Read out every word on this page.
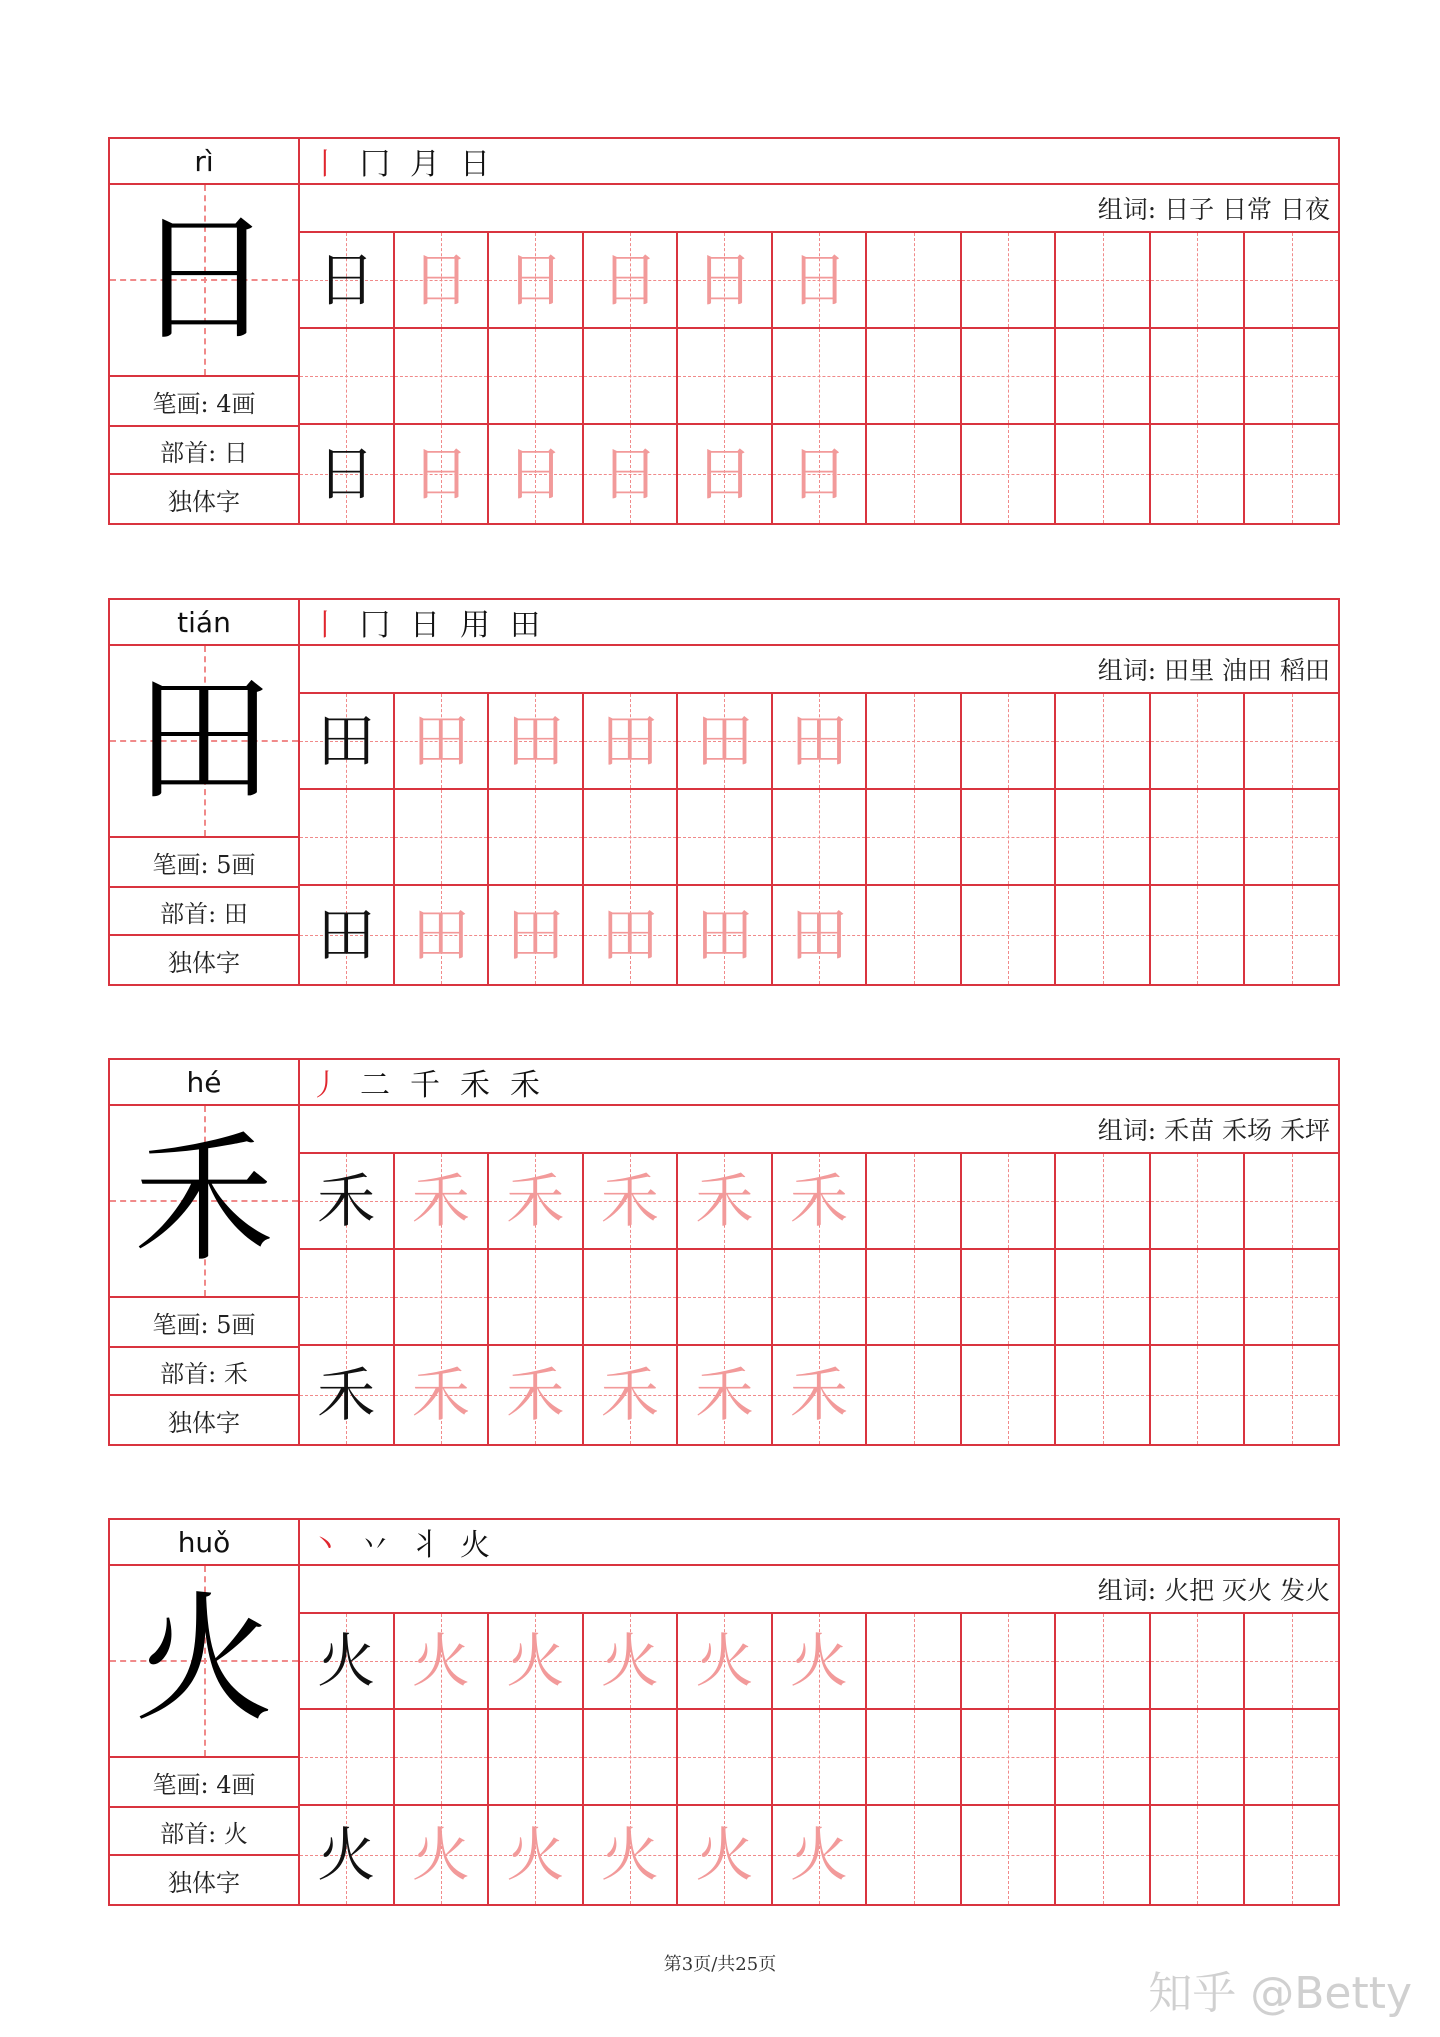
rì
日
笔画: 4画
部首: 日
独体字
丨 冂 月 日
组词: 日子 日常 日夜
日 日 日 日 日 日
日 日 日 日 日 日
tián
田
笔画: 5画
部首: 田
独体字
丨 冂 日 用 田
组词: 田里 油田 稻田
田 田 田 田 田 田
田 田 田 田 田 田
hé
禾
笔画: 5画
部首: 禾
独体字
丿 二 千 禾 禾
组词: 禾苗 禾场 禾坪
禾 禾 禾 禾 禾 禾
禾 禾 禾 禾 禾 禾
huǒ
火
笔画: 4画
部首: 火
独体字
丶 丷 丬 火
组词: 火把 灭火 发火
火 火 火 火 火 火
火 火 火 火 火 火
第3页/共25页
知乎 @Betty
